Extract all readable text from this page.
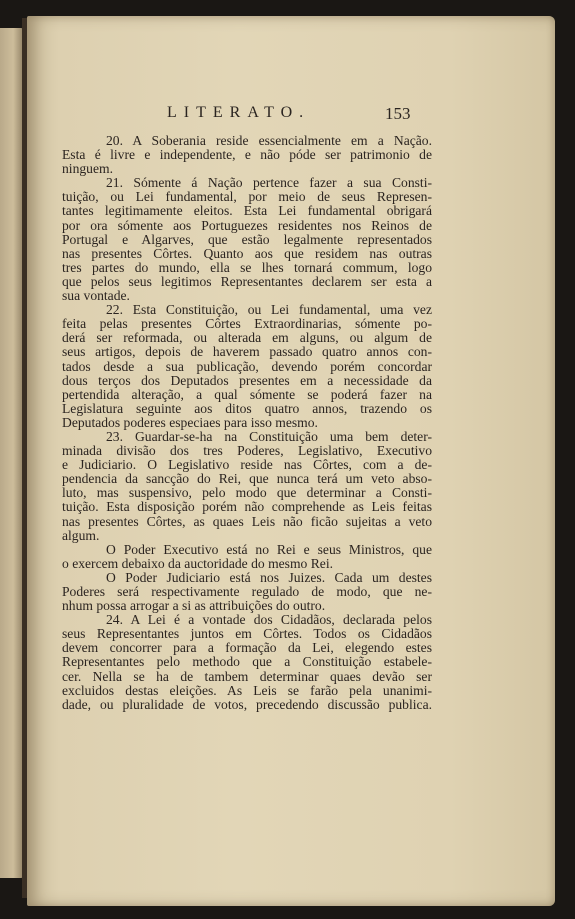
LITERATO.	153
20. A Soberania reside essencialmente em a Nação.
Esta é livre e independente, e não póde ser patrimonio de
ninguem.
21. Sómente á Nação pertence fazer a sua Consti-
tuição, ou Lei fundamental, por meio de seus Represen-
tantes legitimamente eleitos. Esta Lei fundamental obrigará
por ora sómente aos Portuguezes residentes nos Reinos de
Portugal e Algarves, que estão legalmente representados
nas presentes Côrtes. Quanto aos que residem nas outras
tres partes do mundo, ella se lhes tornará commum, logo
que pelos seus legitimos Representantes declarem ser esta a
sua vontade.
22. Esta Constituição, ou Lei fundamental, uma vez
feita pelas presentes Côrtes Extraordinarias, sómente po-
derá ser reformada, ou alterada em alguns, ou algum de
seus artigos, depois de haverem passado quatro annos con-
tados desde a sua publicação, devendo porém concordar
dous terços dos Deputados presentes em a necessidade da
pertendida alteração, a qual sómente se poderá fazer na
Legislatura seguinte aos ditos quatro annos, trazendo os
Deputados poderes especiaes para isso mesmo.
23. Guardar-se-ha na Constituição uma bem deter-
minada divisão dos tres Poderes, Legislativo, Executivo
e Judiciario. O Legislativo reside nas Côrtes, com a de-
pendencia da sancção do Rei, que nunca terá um veto abso-
luto, mas suspensivo, pelo modo que determinar a Consti-
tuição. Esta disposição porém não comprehende as Leis feitas
nas presentes Côrtes, as quaes Leis não ficão sujeitas a veto
algum.
O Poder Executivo está no Rei e seus Ministros, que
o exercem debaixo da auctoridade do mesmo Rei.
O Poder Judiciario está nos Juizes. Cada um destes
Poderes será respectivamente regulado de modo, que ne-
nhum possa arrogar a si as attribuições do outro.
24. A Lei é a vontade dos Cidadãos, declarada pelos
seus Representantes juntos em Côrtes. Todos os Cidadãos
devem concorrer para a formação da Lei, elegendo estes
Representantes pelo methodo que a Constituição estabele-
cer. Nella se ha de tambem determinar quaes devão ser
excluidos destas eleições. As Leis se farão pela unanimi-
dade, ou pluralidade de votos, precedendo discussão publica.
